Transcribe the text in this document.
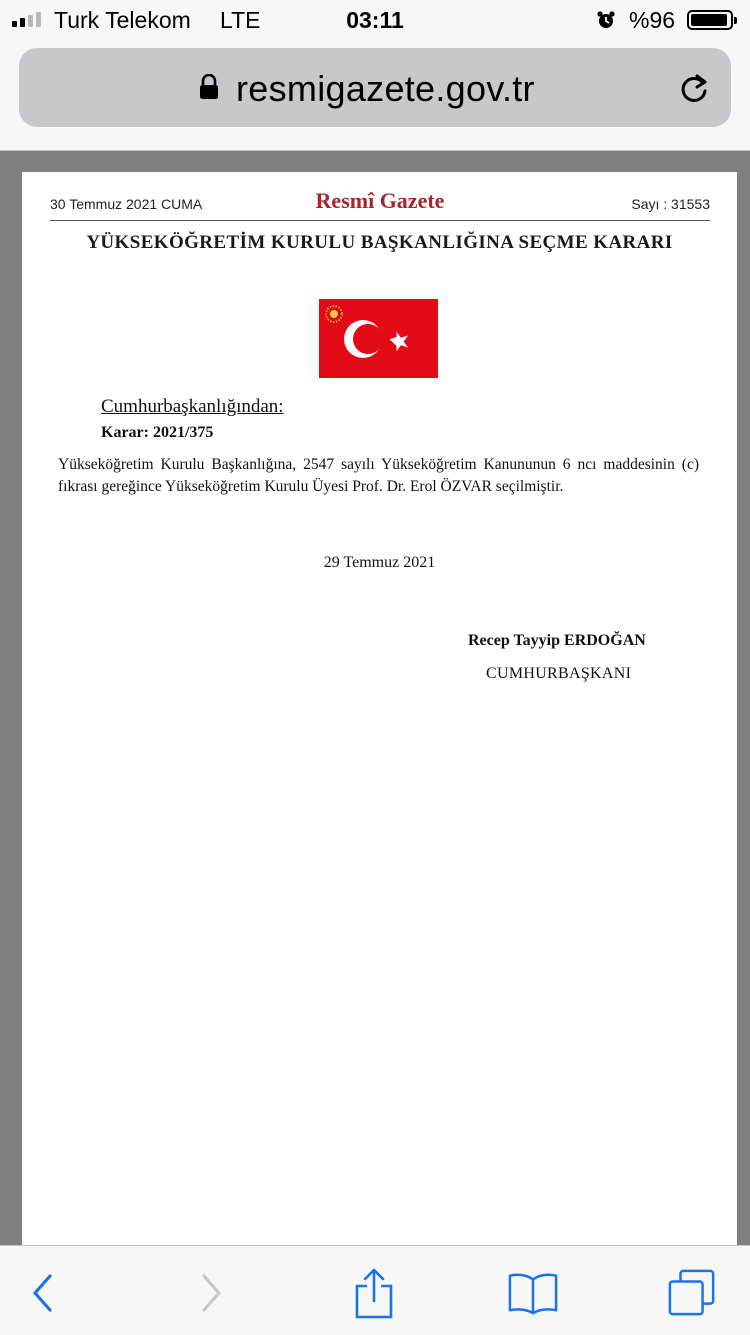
Turk Telekom LTE	03:11	%96
resmigazete.gov.tr
30 Temmuz 2021 CUMA	Resmî Gazete	Sayı : 31553
YÜKSEKÖĞRETİM KURULU BAŞKANLIĞINA SEÇME KARARI
Cumhurbaşkanlığından:
Karar: 2021/375
Yükseköğretim Kurulu Başkanlığına, 2547 sayılı Yükseköğretim Kanununun 6 ncı maddesinin (c) fıkrası gereğince Yükseköğretim Kurulu Üyesi Prof. Dr. Erol ÖZVAR seçilmiştir.
29 Temmuz 2021
Recep Tayyip ERDOĞAN
CUMHURBAŞKANI
